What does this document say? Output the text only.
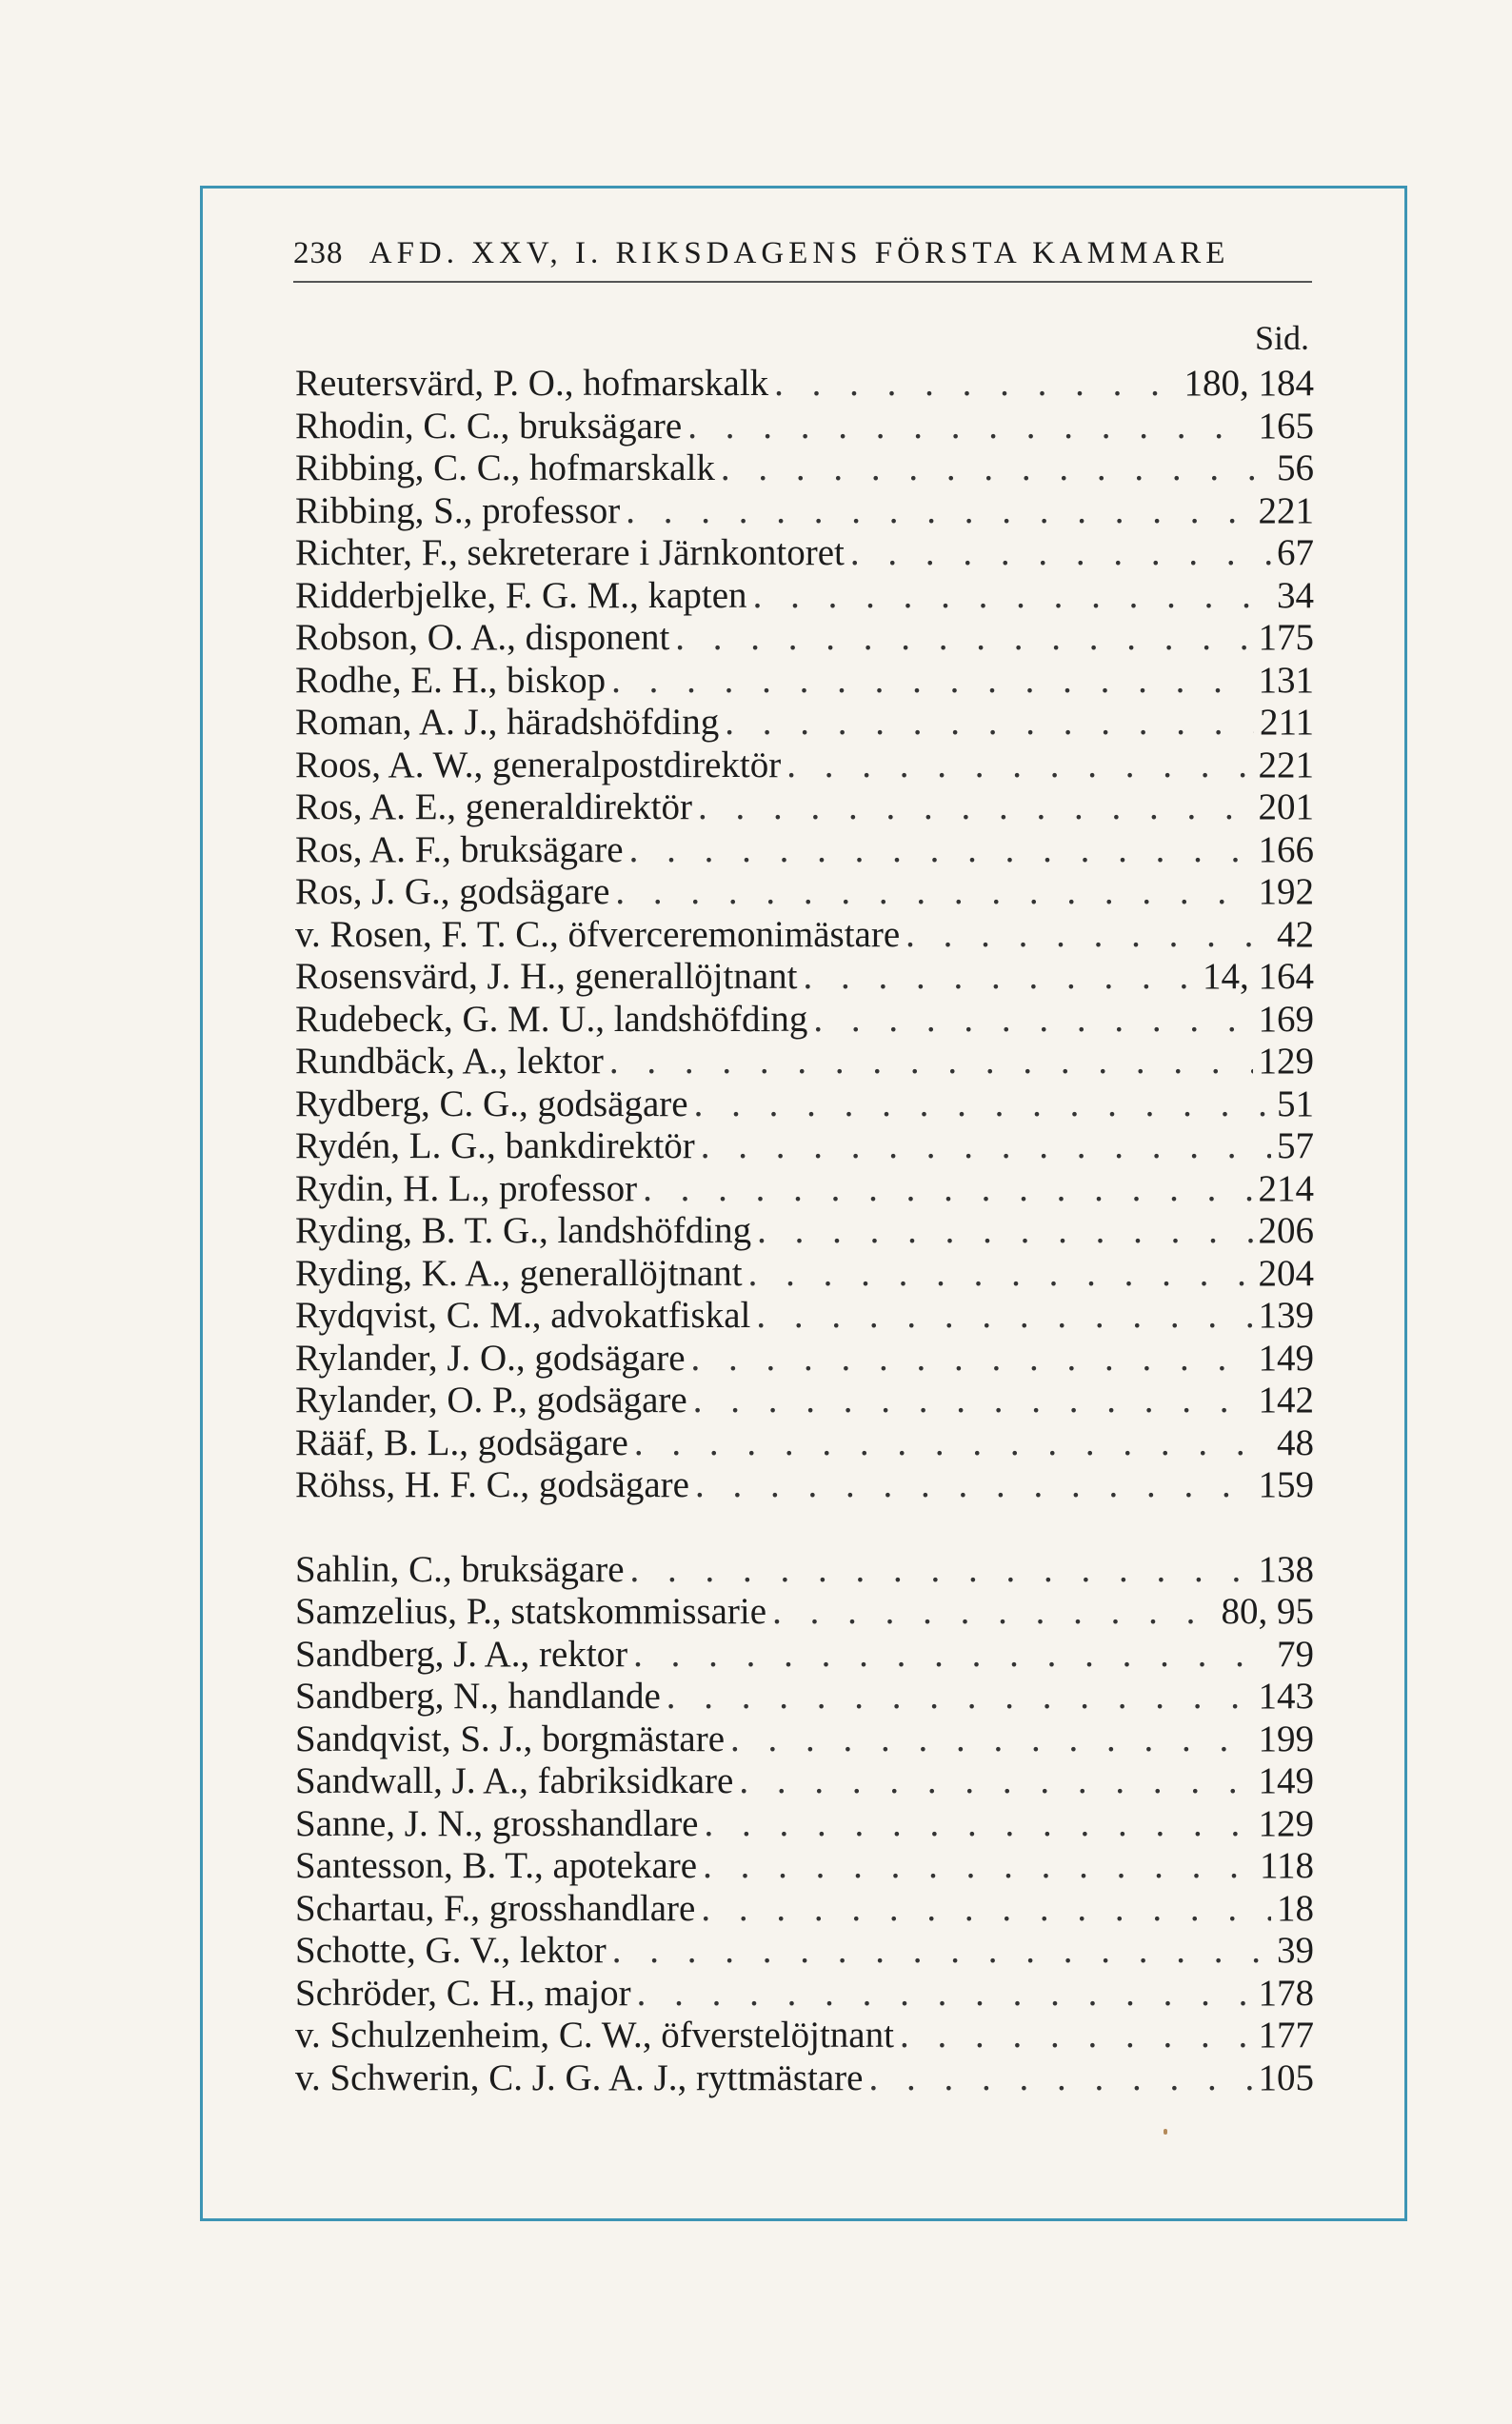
238 AFD. XXV, I. RIKSDAGENS FÖRSTA KAMMARE
Sid.
Reutersvärd, P. O., hofmarskalk . . .	180, 184
Rhodin, C. C., bruksägare . . .	165
Ribbing, C. C., hofmarskalk . . .	56
Ribbing, S., professor . . .	221
Richter, F., sekreterare i Järnkontoret . . .	67
Ridderbjelke, F. G. M., kapten . . .	34
Robson, O. A., disponent . . .	175
Rodhe, E. H., biskop . . .	131
Roman, A. J., häradshöfding . . .	211
Roos, A. W., generalpostdirektör . . .	221
Ros, A. E., generaldirektör . . .	201
Ros, A. F., bruksägare . . .	166
Ros, J. G., godsägare . . .	192
v. Rosen, F. T. C., öfverceremonimästare . . .	42
Rosensvärd, J. H., generallöjtnant . . .	14, 164
Rudebeck, G. M. U., landshöfding . . .	169
Rundbäck, A., lektor . . .	129
Rydberg, C. G., godsägare . . .	51
Rydén, L. G., bankdirektör . . .	57
Rydin, H. L., professor . . .	214
Ryding, B. T. G., landshöfding . . .	206
Ryding, K. A., generallöjtnant . . .	204
Rydqvist, C. M., advokatfiskal . . .	139
Rylander, J. O., godsägare . . .	149
Rylander, O. P., godsägare . . .	142
Rääf, B. L., godsägare . . .	48
Röhss, H. F. C., godsägare . . .	159
Sahlin, C., bruksägare . . .	138
Samzelius, P., statskommissarie . . .	80, 95
Sandberg, J. A., rektor . . .	79
Sandberg, N., handlande . . .	143
Sandqvist, S. J., borgmästare . . .	199
Sandwall, J. A., fabriksidkare . . .	149
Sanne, J. N., grosshandlare . . .	129
Santesson, B. T., apotekare . . .	118
Schartau, F., grosshandlare . . .	18
Schotte, G. V., lektor . . .	39
Schröder, C. H., major . . .	178
v. Schulzenheim, C. W., öfverstelöjtnant . . .	177
v. Schwerin, C. J. G. A. J., ryttmästare . . .	105
